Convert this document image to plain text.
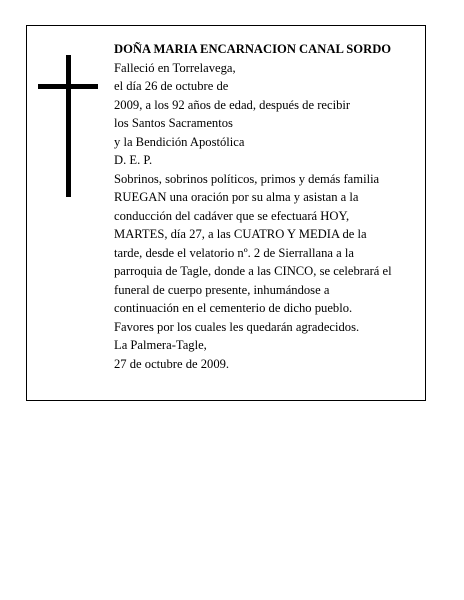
DOÑA MARIA ENCARNACION CANAL SORDO
Falleció en Torrelavega,
el día 26 de octubre de
2009, a los 92 años de edad, después de recibir
los Santos Sacramentos
y la Bendición Apostólica
D. E. P.
Sobrinos, sobrinos políticos, primos y demás familia
RUEGAN una oración por su alma y asistan a la
conducción del cadáver que se efectuará HOY,
MARTES, día 27, a las CUATRO Y MEDIA de la
tarde, desde el velatorio nº. 2 de Sierrallana a la
parroquia de Tagle, donde a las CINCO, se celebrará el
funeral de cuerpo presente, inhumándose a
continuación en el cementerio de dicho pueblo.
Favores por los cuales les quedarán agradecidos.
La Palmera-Tagle,
27 de octubre de 2009.
